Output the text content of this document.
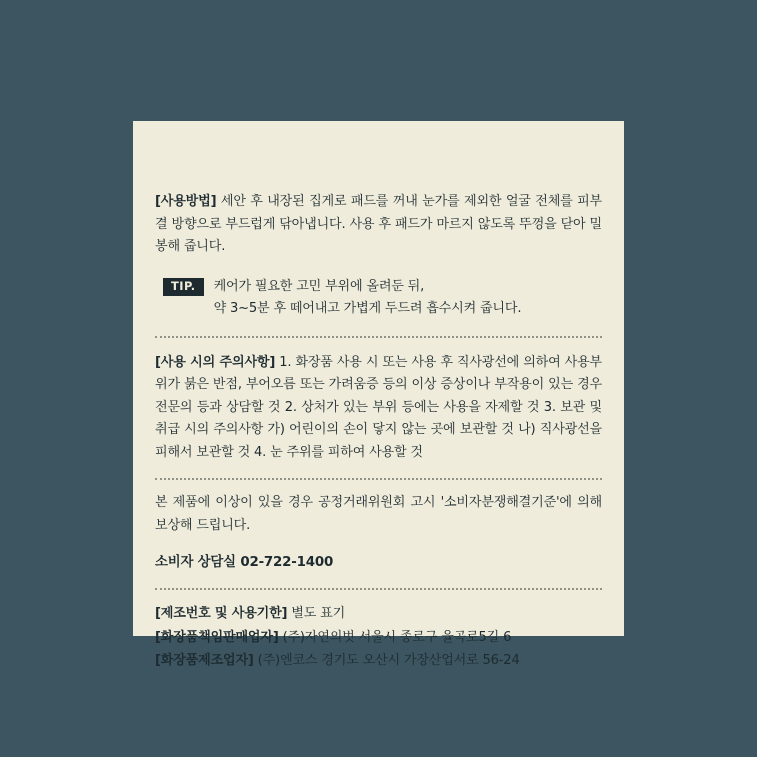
[사용방법] 세안 후 내장된 집게로 패드를 꺼내 눈가를 제외한 얼굴 전체를 피부 결 방향으로 부드럽게 닦아냅니다. 사용 후 패드가 마르지 않도록 뚜껑을 닫아 밀봉해 줍니다.

TIP.	케어가 필요한 고민 부위에 올려둔 뒤,

약 3~5분 후 떼어내고 가볍게 두드려 흡수시켜 줍니다.

[사용 시의 주의사항] 1. 화장품 사용 시 또는 사용 후 직사광선에 의하여 사용부위가 붉은 반점, 부어오름 또는 가려움증 등의 이상 증상이나 부작용이 있는 경우 전문의 등과 상담할 것 2. 상처가 있는 부위 등에는 사용을 자제할 것 3. 보관 및 취급 시의 주의사항 가) 어린이의 손이 닿지 않는 곳에 보관할 것 나) 직사광선을 피해서 보관할 것 4. 눈 주위를 피하여 사용할 것

본 제품에 이상이 있을 경우 공정거래위원회 고시 '소비자분쟁해결기준'에 의해 보상해 드립니다.

소비자 상담실 02-722-1400

[제조번호 및 사용기한] 별도 표기

[화장품책임판매업자] (주)자연의벗 서울시 종로구 율곡로5길 6

[화장품제조업자] (주)엔코스 경기도 오산시 가장산업서로 56-24
